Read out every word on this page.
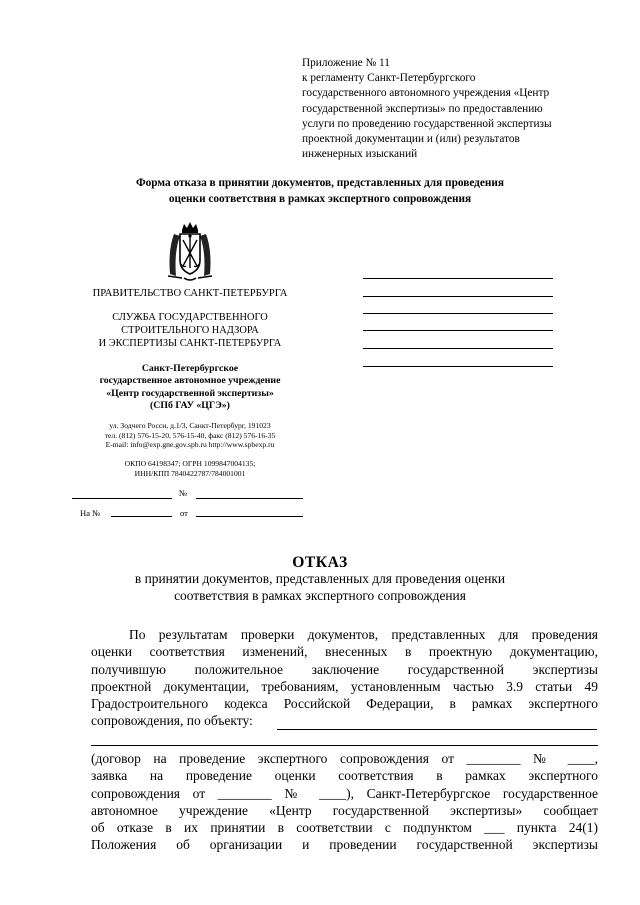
Приложение № 11
к регламенту Санкт-Петербургского
государственного автономного учреждения «Центр
государственной экспертизы» по предоставлению
услуги по проведению государственной экспертизы
проектной документации и (или) результатов
инженерных изысканий
Форма отказа в принятии документов, представленных для проведения
оценки соответствия в рамках экспертного сопровождения
ПРАВИТЕЛЬСТВО САНКТ-ПЕТЕРБУРГА
СЛУЖБА ГОСУДАРСТВЕННОГО
СТРОИТЕЛЬНОГО НАДЗОРА
И ЭКСПЕРТИЗЫ САНКТ-ПЕТЕРБУРГА
Санкт-Петербургское
государственное автономное учреждение
«Центр государственной экспертизы»
(СПб ГАУ «ЦГЭ»)
ул. Зодчего Росси, д.1/3, Санкт-Петербург, 191023
тел. (812) 576-15-20, 576-15-40, факс (812) 576-16-35
E-mail: info@exp.gne.gov.spb.ru http://www.spbexp.ru
ОКПО 64198347; ОГРН 1099847004135;
ИНН/КПП 7840422787/784001001
№
На №	от
ОТКАЗ
в принятии документов, представленных для проведения оценки
соответствия в рамках экспертного сопровождения
По результатам проверки документов, представленных для проведения
оценки соответствия изменений, внесенных в проектную документацию,
получившую положительное заключение государственной экспертизы
проектной документации, требованиям, установленным частью 3.9 статьи 49
Градостроительного кодекса Российской Федерации, в рамках экспертного
сопровождения, по объекту:
(договор на проведение экспертного сопровождения от ________ № ____,
заявка на проведение оценки соответствия в рамках экспертного
сопровождения от ________ № ____), Санкт-Петербургское государственное
автономное учреждение «Центр государственной экспертизы» сообщает
об отказе в их принятии в соответствии с подпунктом ___ пункта 24(1)
Положения об организации и проведении государственной экспертизы
